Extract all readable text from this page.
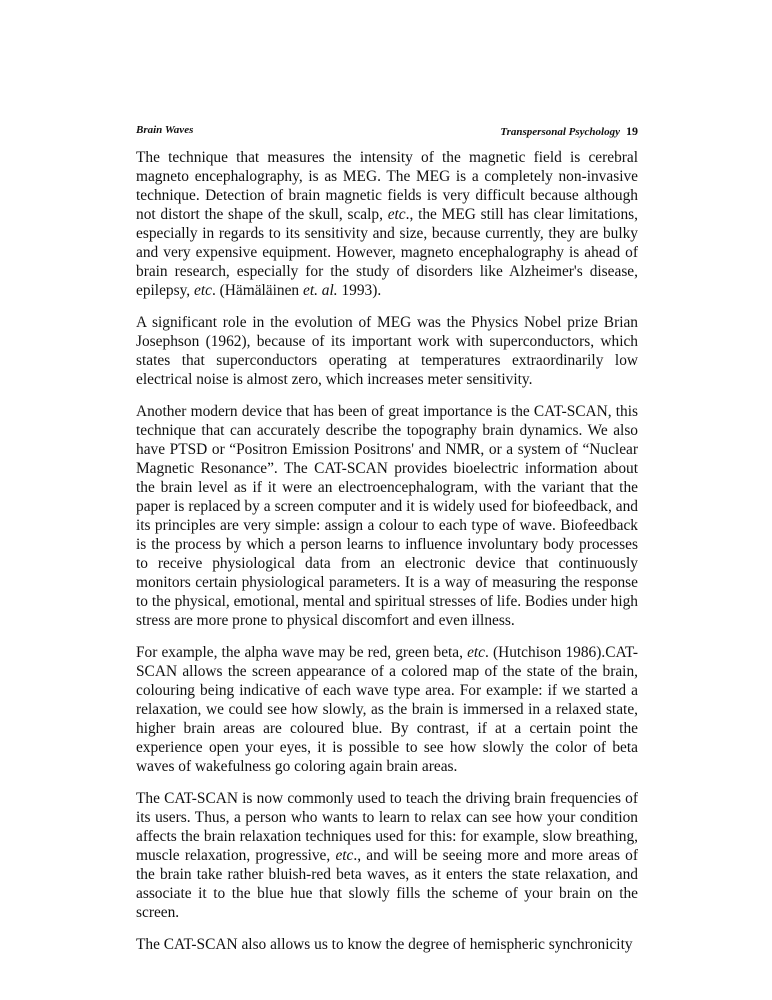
Brain Waves	Transpersonal Psychology 19

The technique that measures the intensity of the magnetic field is cerebral magneto encephalography, is as MEG. The MEG is a completely non-invasive technique. Detection of brain magnetic fields is very difficult because although not distort the shape of the skull, scalp, etc., the MEG still has clear limitations, especially in regards to its sensitivity and size, because currently, they are bulky and very expensive equipment. However, magneto encephalography is ahead of brain research, especially for the study of disorders like Alzheimer's disease, epilepsy, etc. (Hämäläinen et. al. 1993).

A significant role in the evolution of MEG was the Physics Nobel prize Brian Josephson (1962), because of its important work with superconductors, which states that superconductors operating at temperatures extraordinarily low electrical noise is almost zero, which increases meter sensitivity.

Another modern device that has been of great importance is the CAT-SCAN, this technique that can accurately describe the topography brain dynamics. We also have PTSD or “Positron Emission Positrons' and NMR, or a system of “Nuclear Magnetic Resonance”. The CAT-SCAN provides bioelectric information about the brain level as if it were an electroencephalogram, with the variant that the paper is replaced by a screen computer and it is widely used for biofeedback, and its principles are very simple: assign a colour to each type of wave. Biofeedback is the process by which a person learns to influence involuntary body processes to receive physiological data from an electronic device that continuously monitors certain physiological parameters. It is a way of measuring the response to the physical, emotional, mental and spiritual stresses of life. Bodies under high stress are more prone to physical discomfort and even illness.

For example, the alpha wave may be red, green beta, etc. (Hutchison 1986).CAT-SCAN allows the screen appearance of a colored map of the state of the brain, colouring being indicative of each wave type area. For example: if we started a relaxation, we could see how slowly, as the brain is immersed in a relaxed state, higher brain areas are coloured blue. By contrast, if at a certain point the experience open your eyes, it is possible to see how slowly the color of beta waves of wakefulness go coloring again brain areas.

The CAT-SCAN is now commonly used to teach the driving brain frequencies of its users. Thus, a person who wants to learn to relax can see how your condition affects the brain relaxation techniques used for this: for example, slow breathing, muscle relaxation, progressive, etc., and will be seeing more and more areas of the brain take rather bluish-red beta waves, as it enters the state relaxation, and associate it to the blue hue that slowly fills the scheme of your brain on the screen.

The CAT-SCAN also allows us to know the degree of hemispheric synchronicity
